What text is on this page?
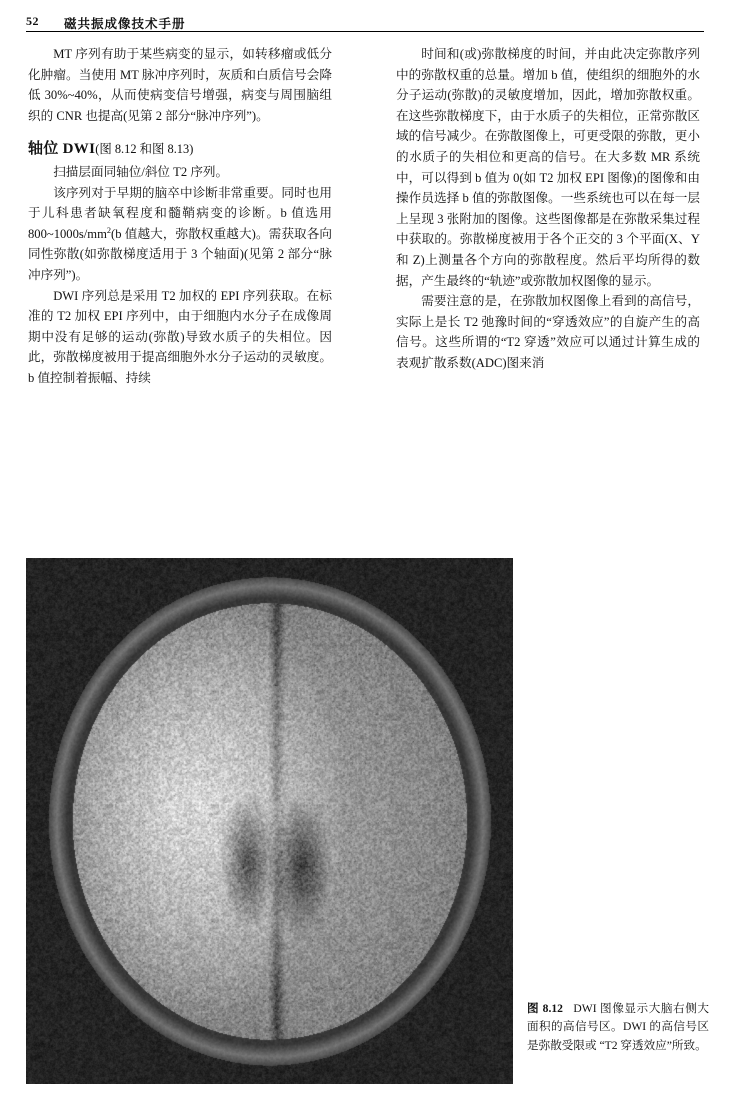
52 磁共振成像技术手册

MT 序列有助于某些病变的显示，如转移瘤或低分化肿瘤。当使用 MT 脉冲序列时，灰质和白质信号会降低 30%~40%，从而使病变信号增强，病变与周围脑组织的 CNR 也提高(见第 2 部分“脉冲序列”)。

轴位 DWI(图 8.12 和图 8.13)

扫描层面同轴位/斜位 T2 序列。

该序列对于早期的脑卒中诊断非常重要。同时也用于儿科患者缺氧程度和髓鞘病变的诊断。b 值选用 $800\sim 1000s/mm^2(b$ 值越大，弥散权重越大)。需获取各向同性弥散(如弥散梯度适用于 3 个轴面)(见第 2 部分“脉冲序列”)。

DWI 序列总是采用 T2 加权的 EPI 序列获取。在标准的 T2 加权 EPI 序列中，由于细胞内水分子在成像周期中没有足够的运动(弥散)导致水质子的失相位。因此，弥散梯度被用于提高细胞外水分子运动的灵敏度。b 值控制着振幅、持续

时间和(或)弥散梯度的时间，并由此决定弥散序列中的弥散权重的总量。增加 b 值，使组织的细胞外的水分子运动(弥散)的灵敏度增加，因此，增加弥散权重。在这些弥散梯度下，由于水质子的失相位，正常弥散区域的信号减少。在弥散图像上，可更受限的弥散，更小的水质子的失相位和更高的信号。在大多数 MR 系统中，可以得到 b 值为 0(如 T2 加权 EPI 图像)的图像和由操作员选择 b 值的弥散图像。一些系统也可以在每一层上呈现 3 张附加的图像。这些图像都是在弥散采集过程中获取的。弥散梯度被用于各个正交的 3 个平面(X、Y 和 Z)上测量各个方向的弥散程度。然后平均所得的数据，产生最终的“轨迹”或弥散加权图像的显示。

需要注意的是，在弥散加权图像上看到的高信号，实际上是长 T2 弛豫时间的“穿透效应”的自旋产生的高信号。这些所谓的“T2 穿透”效应可以通过计算生成的表观扩散系数(ADC)图来消

图 8.12 DWI 图像显示大脑右侧大面积的高信号区。DWI 的高信号区是弥散受限或 “T2 穿透效应”所致。
